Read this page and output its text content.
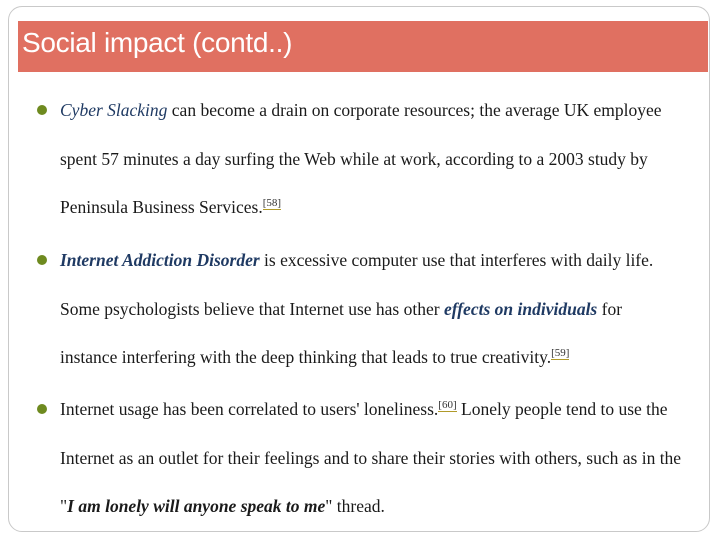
Social impact (contd..)
Cyber Slacking can become a drain on corporate resources; the average UK employee
spent 57 minutes a day surfing the Web while at work, according to a 2003 study by
Peninsula Business Services.[58]
Internet Addiction Disorder is excessive computer use that interferes with daily life.
Some psychologists believe that Internet use has other effects on individuals for
instance interfering with the deep thinking that leads to true creativity.[59]
Internet usage has been correlated to users' loneliness.[60] Lonely people tend to use the
Internet as an outlet for their feelings and to share their stories with others, such as in the
"I am lonely will anyone speak to me" thread.
